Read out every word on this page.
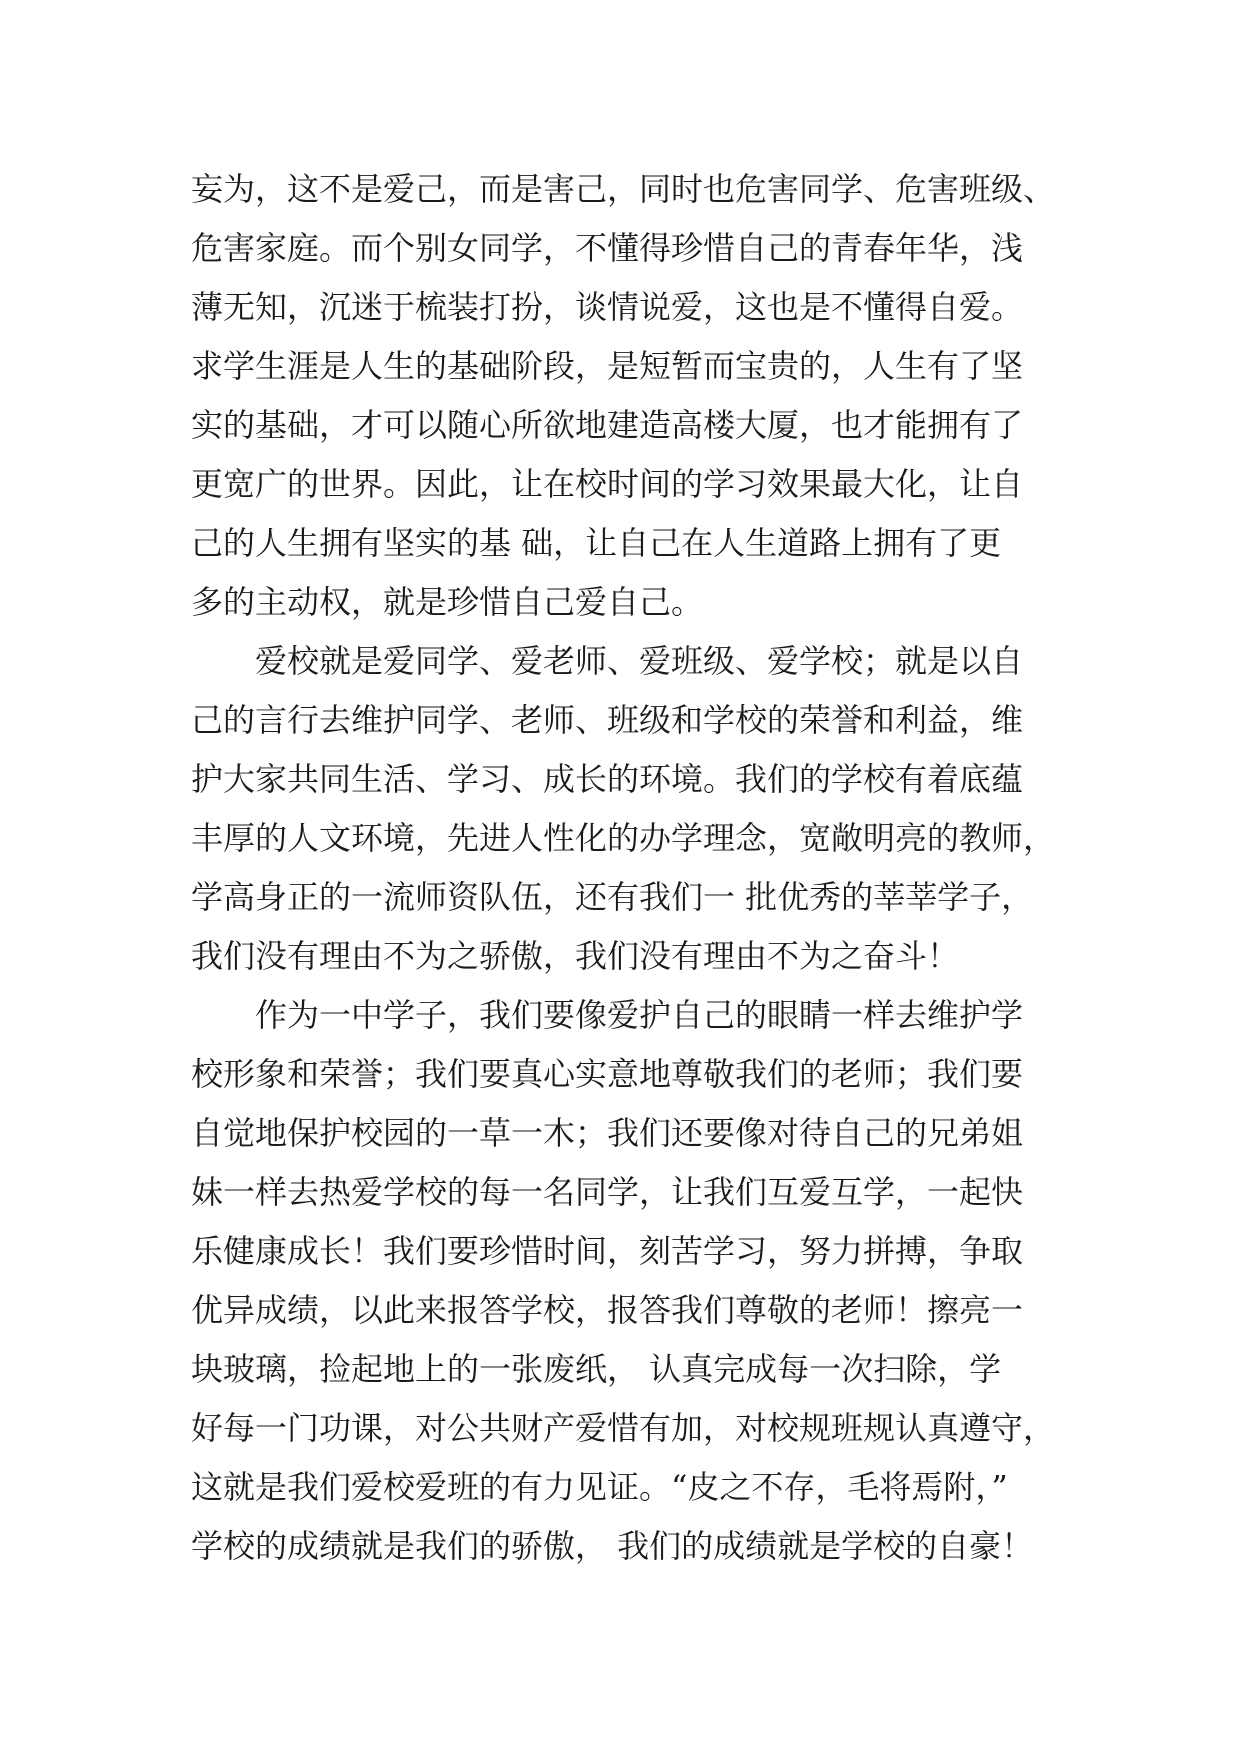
妄为，这不是爱己，而是害己，同时也危害同学、危害班级、
危害家庭。而个别女同学，不懂得珍惜自己的青春年华，浅
薄无知，沉迷于梳装打扮，谈情说爱，这也是不懂得自爱。
求学生涯是人生的基础阶段，是短暂而宝贵的，人生有了坚
实的基础，才可以随心所欲地建造高楼大厦，也才能拥有了
更宽广的世界。因此，让在校时间的学习效果最大化，让自
己的人生拥有坚实的基 础，让自己在人生道路上拥有了更
多的主动权，就是珍惜自己爱自己。
爱校就是爱同学、爱老师、爱班级、爱学校；就是以自
己的言行去维护同学、老师、班级和学校的荣誉和利益，维
护大家共同生活、学习、成长的环境。我们的学校有着底蕴
丰厚的人文环境，先进人性化的办学理念，宽敞明亮的教师，
学高身正的一流师资队伍，还有我们一 批优秀的莘莘学子，
我们没有理由不为之骄傲，我们没有理由不为之奋斗！
作为一中学子，我们要像爱护自己的眼睛一样去维护学
校形象和荣誉；我们要真心实意地尊敬我们的老师；我们要
自觉地保护校园的一草一木；我们还要像对待自己的兄弟姐
妹一样去热爱学校的每一名同学，让我们互爱互学，一起快
乐健康成长！我们要珍惜时间，刻苦学习，努力拼搏，争取
优异成绩，以此来报答学校，报答我们尊敬的老师！擦亮一
块玻璃，捡起地上的一张废纸， 认真完成每一次扫除，学
好每一门功课，对公共财产爱惜有加，对校规班规认真遵守，
这就是我们爱校爱班的有力见证。“皮之不存，毛将焉附，”
学校的成绩就是我们的骄傲， 我们的成绩就是学校的自豪！
